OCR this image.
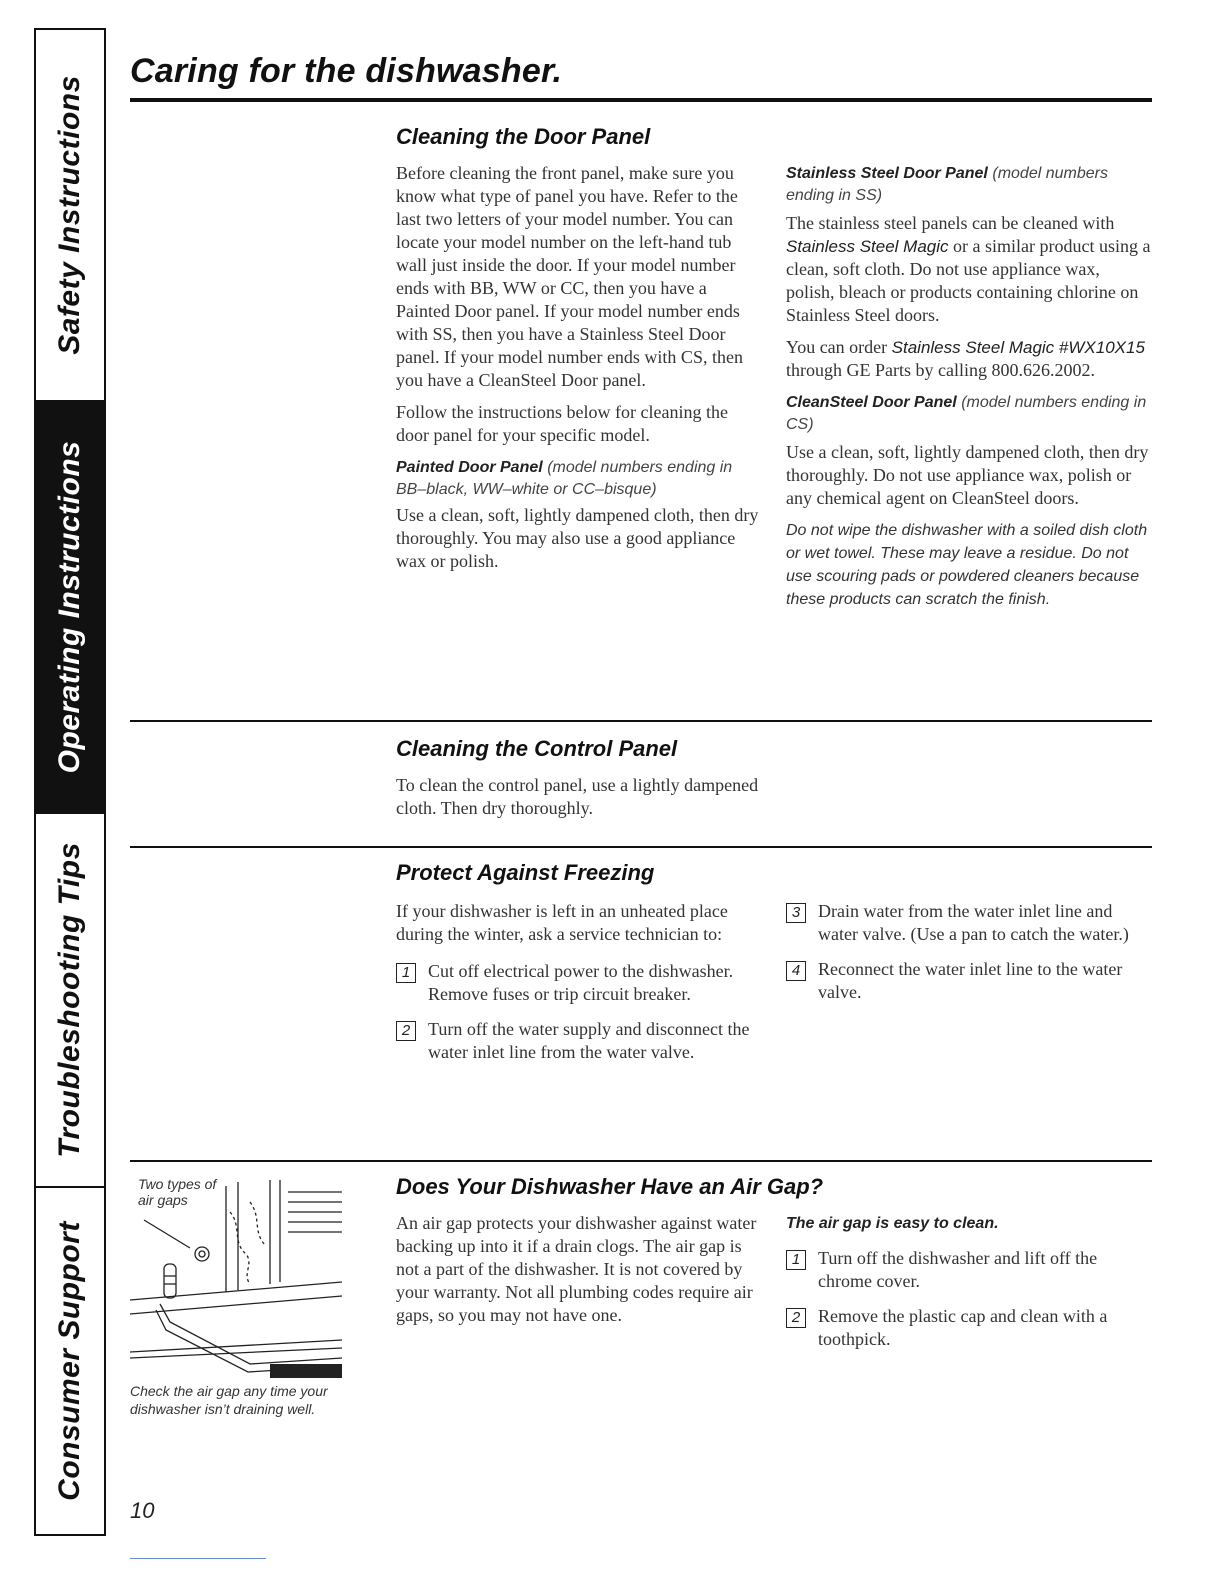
Safety Instructions
Operating Instructions
Troubleshooting Tips
Consumer Support
Caring for the dishwasher.
Cleaning the Door Panel

Before cleaning the front panel, make sure you know what type of panel you have. Refer to the last two letters of your model number. You can locate your model number on the left-hand tub wall just inside the door. If your model number ends with BB, WW or CC, then you have a Painted Door panel. If your model number ends with SS, then you have a Stainless Steel Door panel. If your model number ends with CS, then you have a CleanSteel Door panel.

Follow the instructions below for cleaning the door panel for your specific model.

Painted Door Panel (model numbers ending in BB–black, WW–white or CC–bisque)

Use a clean, soft, lightly dampened cloth, then dry thoroughly. You may also use a good appliance wax or polish.

Stainless Steel Door Panel (model numbers ending in SS)

The stainless steel panels can be cleaned with Stainless Steel Magic or a similar product using a clean, soft cloth. Do not use appliance wax, polish, bleach or products containing chlorine on Stainless Steel doors.

You can order Stainless Steel Magic #WX10X15 through GE Parts by calling 800.626.2002.

CleanSteel Door Panel (model numbers ending in CS)

Use a clean, soft, lightly dampened cloth, then dry thoroughly. Do not use appliance wax, polish or any chemical agent on CleanSteel doors.

Do not wipe the dishwasher with a soiled dish cloth or wet towel. These may leave a residue. Do not use scouring pads or powdered cleaners because these products can scratch the finish.

Cleaning the Control Panel

To clean the control panel, use a lightly dampened cloth. Then dry thoroughly.

Protect Against Freezing

If your dishwasher is left in an unheated place during the winter, ask a service technician to:

1 Cut off electrical power to the dishwasher. Remove fuses or trip circuit breaker.
2 Turn off the water supply and disconnect the water inlet line from the water valve.
3 Drain water from the water inlet line and water valve. (Use a pan to catch the water.)
4 Reconnect the water inlet line to the water valve.
Two types of air gaps
Check the air gap any time your dishwasher isn’t draining well.
Does Your Dishwasher Have an Air Gap?

An air gap protects your dishwasher against water backing up into it if a drain clogs. The air gap is not a part of the dishwasher. It is not covered by your warranty. Not all plumbing codes require air gaps, so you may not have one.

The air gap is easy to clean.
1 Turn off the dishwasher and lift off the chrome cover.
2 Remove the plastic cap and clean with a toothpick.
10
